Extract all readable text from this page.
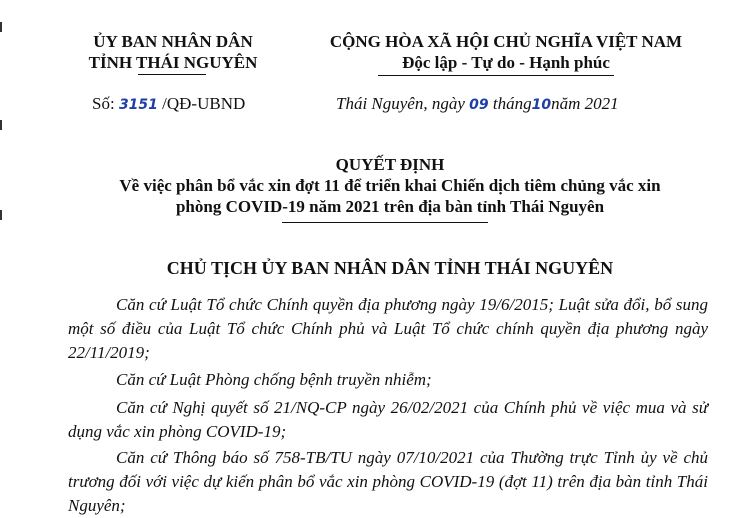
ỦY BAN NHÂN DÂN
TỈNH THÁI NGUYÊN
CỘNG HÒA XÃ HỘI CHỦ NGHĨA VIỆT NAM
Độc lập - Tự do - Hạnh phúc
Số: 3151 /QĐ-UBND	Thái Nguyên, ngày 09 tháng10năm 2021
QUYẾT ĐỊNH
Về việc phân bổ vắc xin đợt 11 để triển khai Chiến dịch tiêm chủng vắc xin
phòng COVID-19 năm 2021 trên địa bàn tỉnh Thái Nguyên
CHỦ TỊCH ỦY BAN NHÂN DÂN TỈNH THÁI NGUYÊN
Căn cứ Luật Tổ chức Chính quyền địa phương ngày 19/6/2015; Luật sửa đổi, bổ sung một số điều của Luật Tổ chức Chính phủ và Luật Tổ chức chính quyền địa phương ngày 22/11/2019;
Căn cứ Luật Phòng chống bệnh truyền nhiễm;
Căn cứ Nghị quyết số 21/NQ-CP ngày 26/02/2021 của Chính phủ về việc mua và sử dụng vắc xin phòng COVID-19;
Căn cứ Thông báo số 758-TB/TU ngày 07/10/2021 của Thường trực Tỉnh ủy về chủ trương đối với việc dự kiến phân bổ vắc xin phòng COVID-19 (đợt 11) trên địa bàn tỉnh Thái Nguyên;
